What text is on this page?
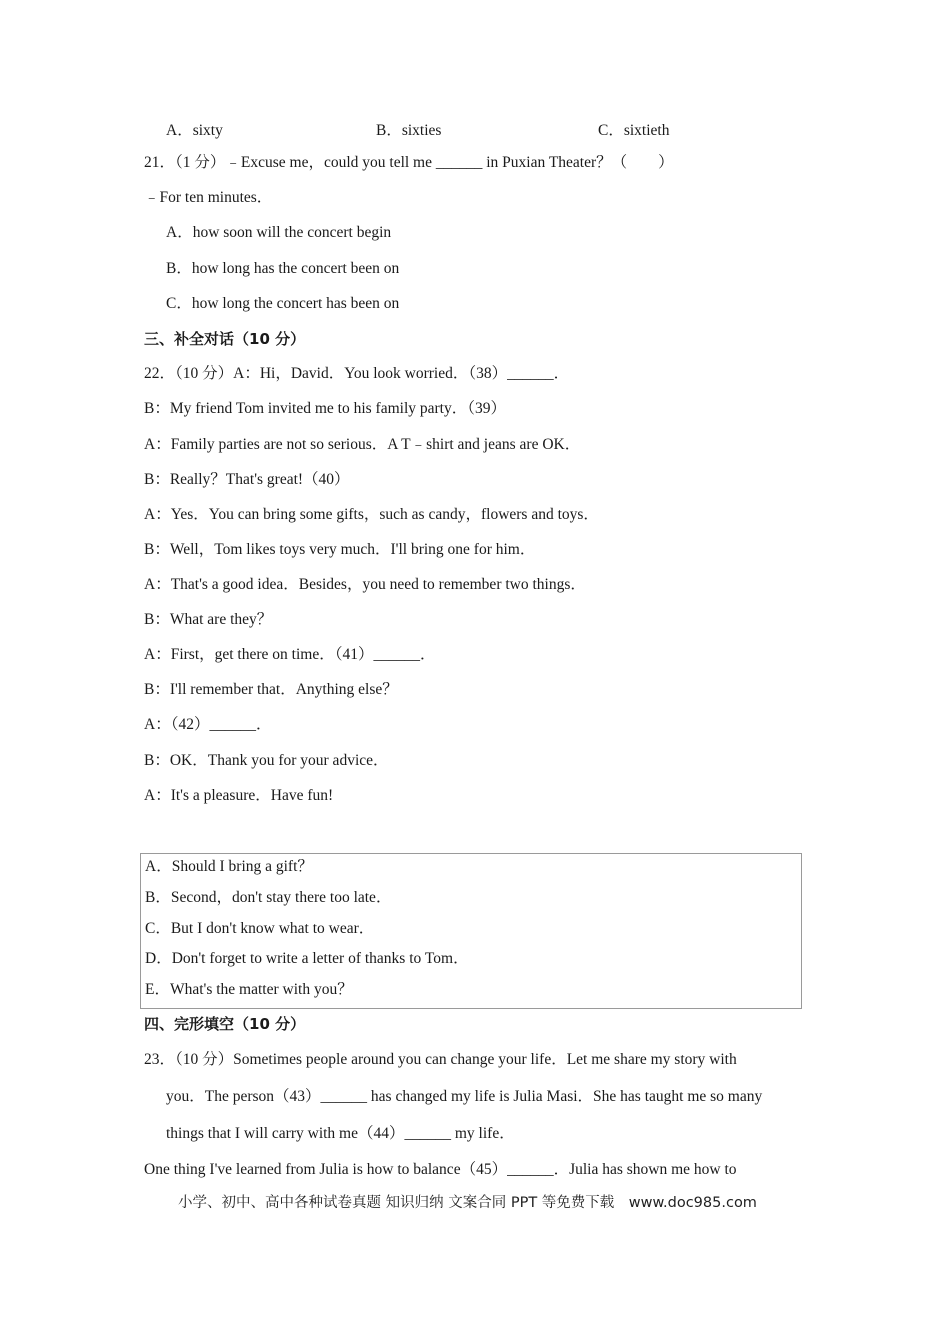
A．sixty	B．sixties	C．sixtieth
21．（1 分）﹣Excuse me，could you tell me ______ in Puxian Theater？（　　）
﹣For ten minutes．
A．how soon will the concert begin
B．how long has the concert been on
C．how long the concert has been on
三、补全对话（10 分）
22．（10 分）A：Hi，David．You look worried．（38）______．
B：My friend Tom invited me to his family party．（39）
A：Family parties are not so serious．A T﹣shirt and jeans are OK．
B：Really？That's great!（40）
A：Yes．You can bring some gifts，such as candy，flowers and toys．
B：Well，Tom likes toys very much．I'll bring one for him．
A：That's a good idea．Besides，you need to remember two things．
B：What are they？
A：First，get there on time．（41）______．
B：I'll remember that．Anything else？
A：（42）______．
B：OK．Thank you for your advice．
A：It's a pleasure．Have fun!
A．Should I bring a gift？
B．Second，don't stay there too late．
C．But I don't know what to wear．
D．Don't forget to write a letter of thanks to Tom．
E．What's the matter with you？
四、完形填空（10 分）
23．（10 分）Sometimes people around you can change your life．Let me share my story with
you．The person（43）______ has changed my life is Julia Masi．She has taught me so many
things that I will carry with me（44）______ my life．
One thing I've learned from Julia is how to balance（45）______．Julia has shown me how to
小学、初中、高中各种试卷真题 知识归纳 文案合同 PPT 等免费下载　www.doc985.com
